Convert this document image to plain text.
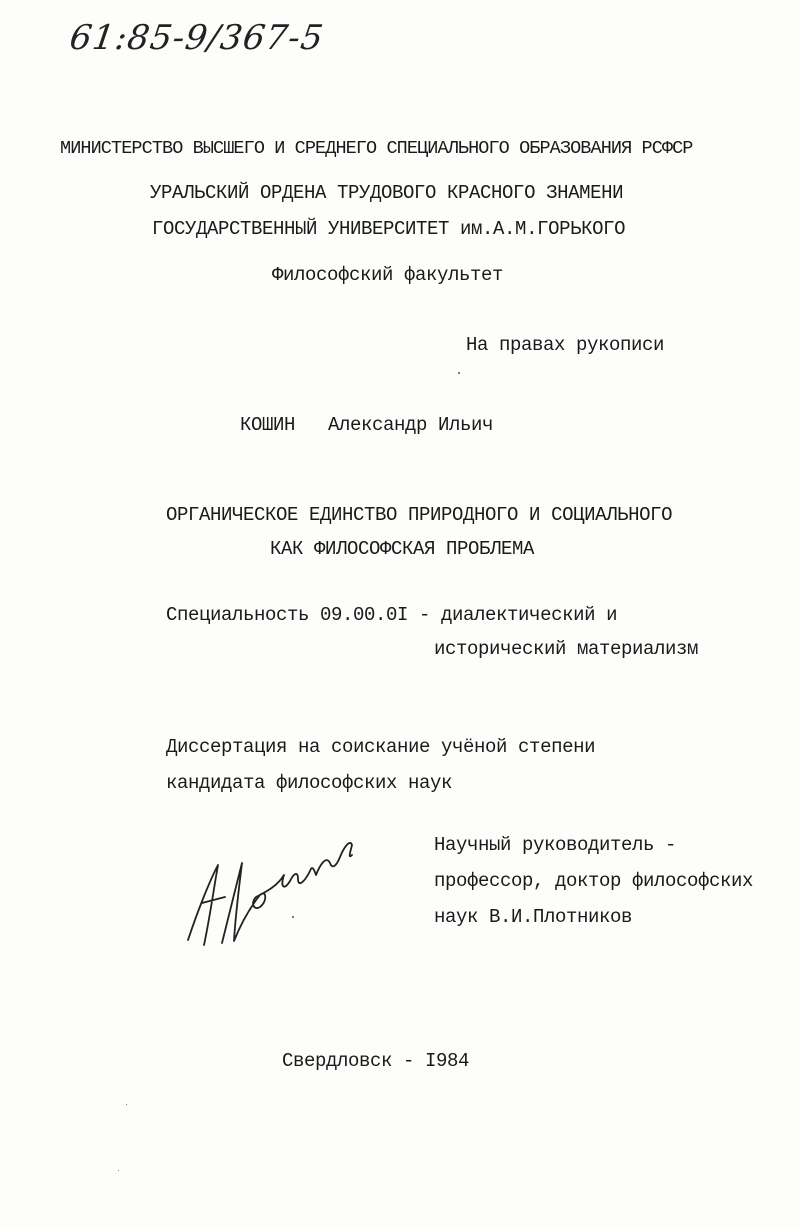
61:85-9/367-5
МИНИСТЕРСТВО ВЫСШЕГО И СРЕДНЕГО СПЕЦИАЛЬНОГО ОБРАЗОВАНИЯ РСФСР
УРАЛЬСКИЙ ОРДЕНА ТРУДОВОГО КРАСНОГО ЗНАМЕНИ
ГОСУДАРСТВЕННЫЙ УНИВЕРСИТЕТ им.А.М.ГОРЬКОГО
Философский факультет
На правах рукописи
КОШИН   Александр Ильич
ОРГАНИЧЕСКОЕ ЕДИНСТВО ПРИРОДНОГО И СОЦИАЛЬНОГО
КАК ФИЛОСОФСКАЯ ПРОБЛЕМА
Специальность 09.00.0I - диалектический и
исторический материализм
Диссертация на соискание учёной степени
кандидата философских наук
Научный руководитель -
профессор, доктор философских
наук В.И.Плотников
Свердловск - I984
